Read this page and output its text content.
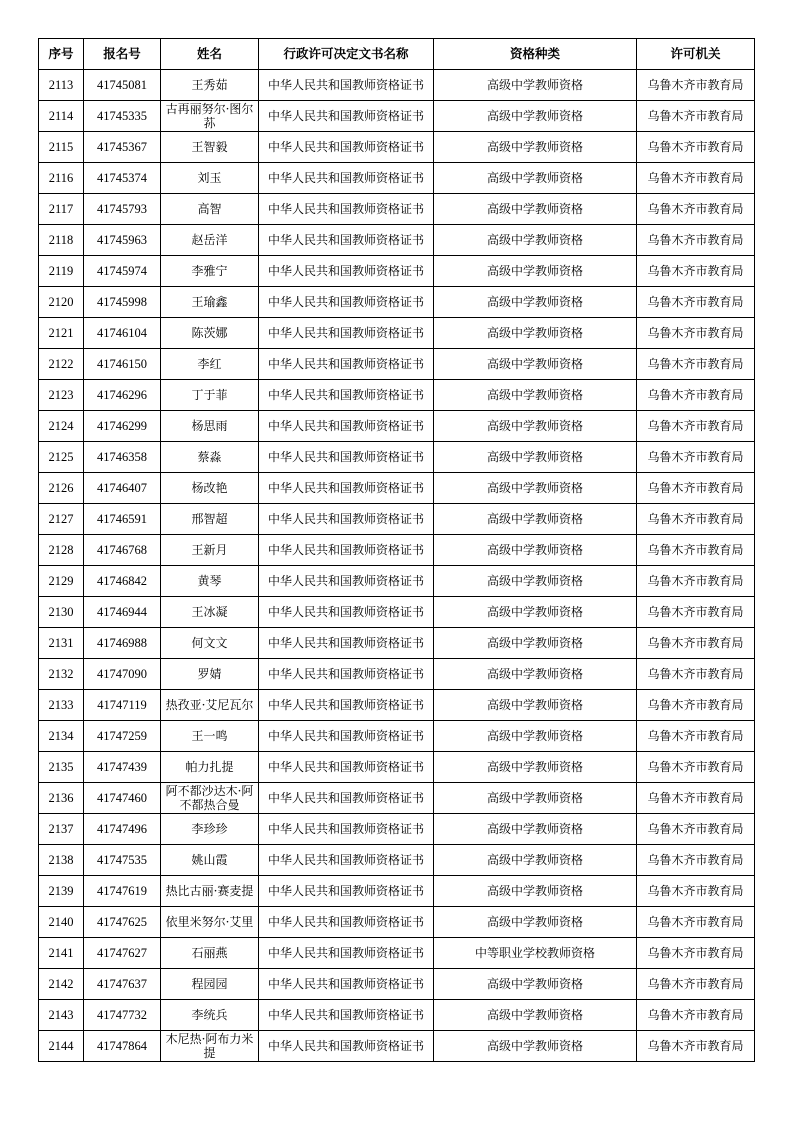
序号	报名号	姓名	行政许可决定文书名称	资格种类	许可机关
2113	41745081	王秀茹	中华人民共和国教师资格证书	高级中学教师资格	乌鲁木齐市教育局
2114	41745335	古再丽努尔·图尔荪	中华人民共和国教师资格证书	高级中学教师资格	乌鲁木齐市教育局
2115	41745367	王智毅	中华人民共和国教师资格证书	高级中学教师资格	乌鲁木齐市教育局
2116	41745374	刘玉	中华人民共和国教师资格证书	高级中学教师资格	乌鲁木齐市教育局
2117	41745793	高智	中华人民共和国教师资格证书	高级中学教师资格	乌鲁木齐市教育局
2118	41745963	赵岳洋	中华人民共和国教师资格证书	高级中学教师资格	乌鲁木齐市教育局
2119	41745974	李雅宁	中华人民共和国教师资格证书	高级中学教师资格	乌鲁木齐市教育局
2120	41745998	王瑜鑫	中华人民共和国教师资格证书	高级中学教师资格	乌鲁木齐市教育局
2121	41746104	陈茨娜	中华人民共和国教师资格证书	高级中学教师资格	乌鲁木齐市教育局
2122	41746150	李红	中华人民共和国教师资格证书	高级中学教师资格	乌鲁木齐市教育局
2123	41746296	丁于菲	中华人民共和国教师资格证书	高级中学教师资格	乌鲁木齐市教育局
2124	41746299	杨思雨	中华人民共和国教师资格证书	高级中学教师资格	乌鲁木齐市教育局
2125	41746358	蔡淼	中华人民共和国教师资格证书	高级中学教师资格	乌鲁木齐市教育局
2126	41746407	杨改艳	中华人民共和国教师资格证书	高级中学教师资格	乌鲁木齐市教育局
2127	41746591	邢智超	中华人民共和国教师资格证书	高级中学教师资格	乌鲁木齐市教育局
2128	41746768	王新月	中华人民共和国教师资格证书	高级中学教师资格	乌鲁木齐市教育局
2129	41746842	黄琴	中华人民共和国教师资格证书	高级中学教师资格	乌鲁木齐市教育局
2130	41746944	王冰凝	中华人民共和国教师资格证书	高级中学教师资格	乌鲁木齐市教育局
2131	41746988	何文文	中华人民共和国教师资格证书	高级中学教师资格	乌鲁木齐市教育局
2132	41747090	罗婧	中华人民共和国教师资格证书	高级中学教师资格	乌鲁木齐市教育局
2133	41747119	热孜亚·艾尼瓦尔	中华人民共和国教师资格证书	高级中学教师资格	乌鲁木齐市教育局
2134	41747259	王一鸣	中华人民共和国教师资格证书	高级中学教师资格	乌鲁木齐市教育局
2135	41747439	帕力扎提	中华人民共和国教师资格证书	高级中学教师资格	乌鲁木齐市教育局
2136	41747460	阿不都沙达木·阿不都热合曼	中华人民共和国教师资格证书	高级中学教师资格	乌鲁木齐市教育局
2137	41747496	李珍珍	中华人民共和国教师资格证书	高级中学教师资格	乌鲁木齐市教育局
2138	41747535	姚山霞	中华人民共和国教师资格证书	高级中学教师资格	乌鲁木齐市教育局
2139	41747619	热比古丽·赛麦提	中华人民共和国教师资格证书	高级中学教师资格	乌鲁木齐市教育局
2140	41747625	依里米努尔·艾里	中华人民共和国教师资格证书	高级中学教师资格	乌鲁木齐市教育局
2141	41747627	石丽燕	中华人民共和国教师资格证书	中等职业学校教师资格	乌鲁木齐市教育局
2142	41747637	程园园	中华人民共和国教师资格证书	高级中学教师资格	乌鲁木齐市教育局
2143	41747732	李统兵	中华人民共和国教师资格证书	高级中学教师资格	乌鲁木齐市教育局
2144	41747864	木尼热·阿布力米提	中华人民共和国教师资格证书	高级中学教师资格	乌鲁木齐市教育局
